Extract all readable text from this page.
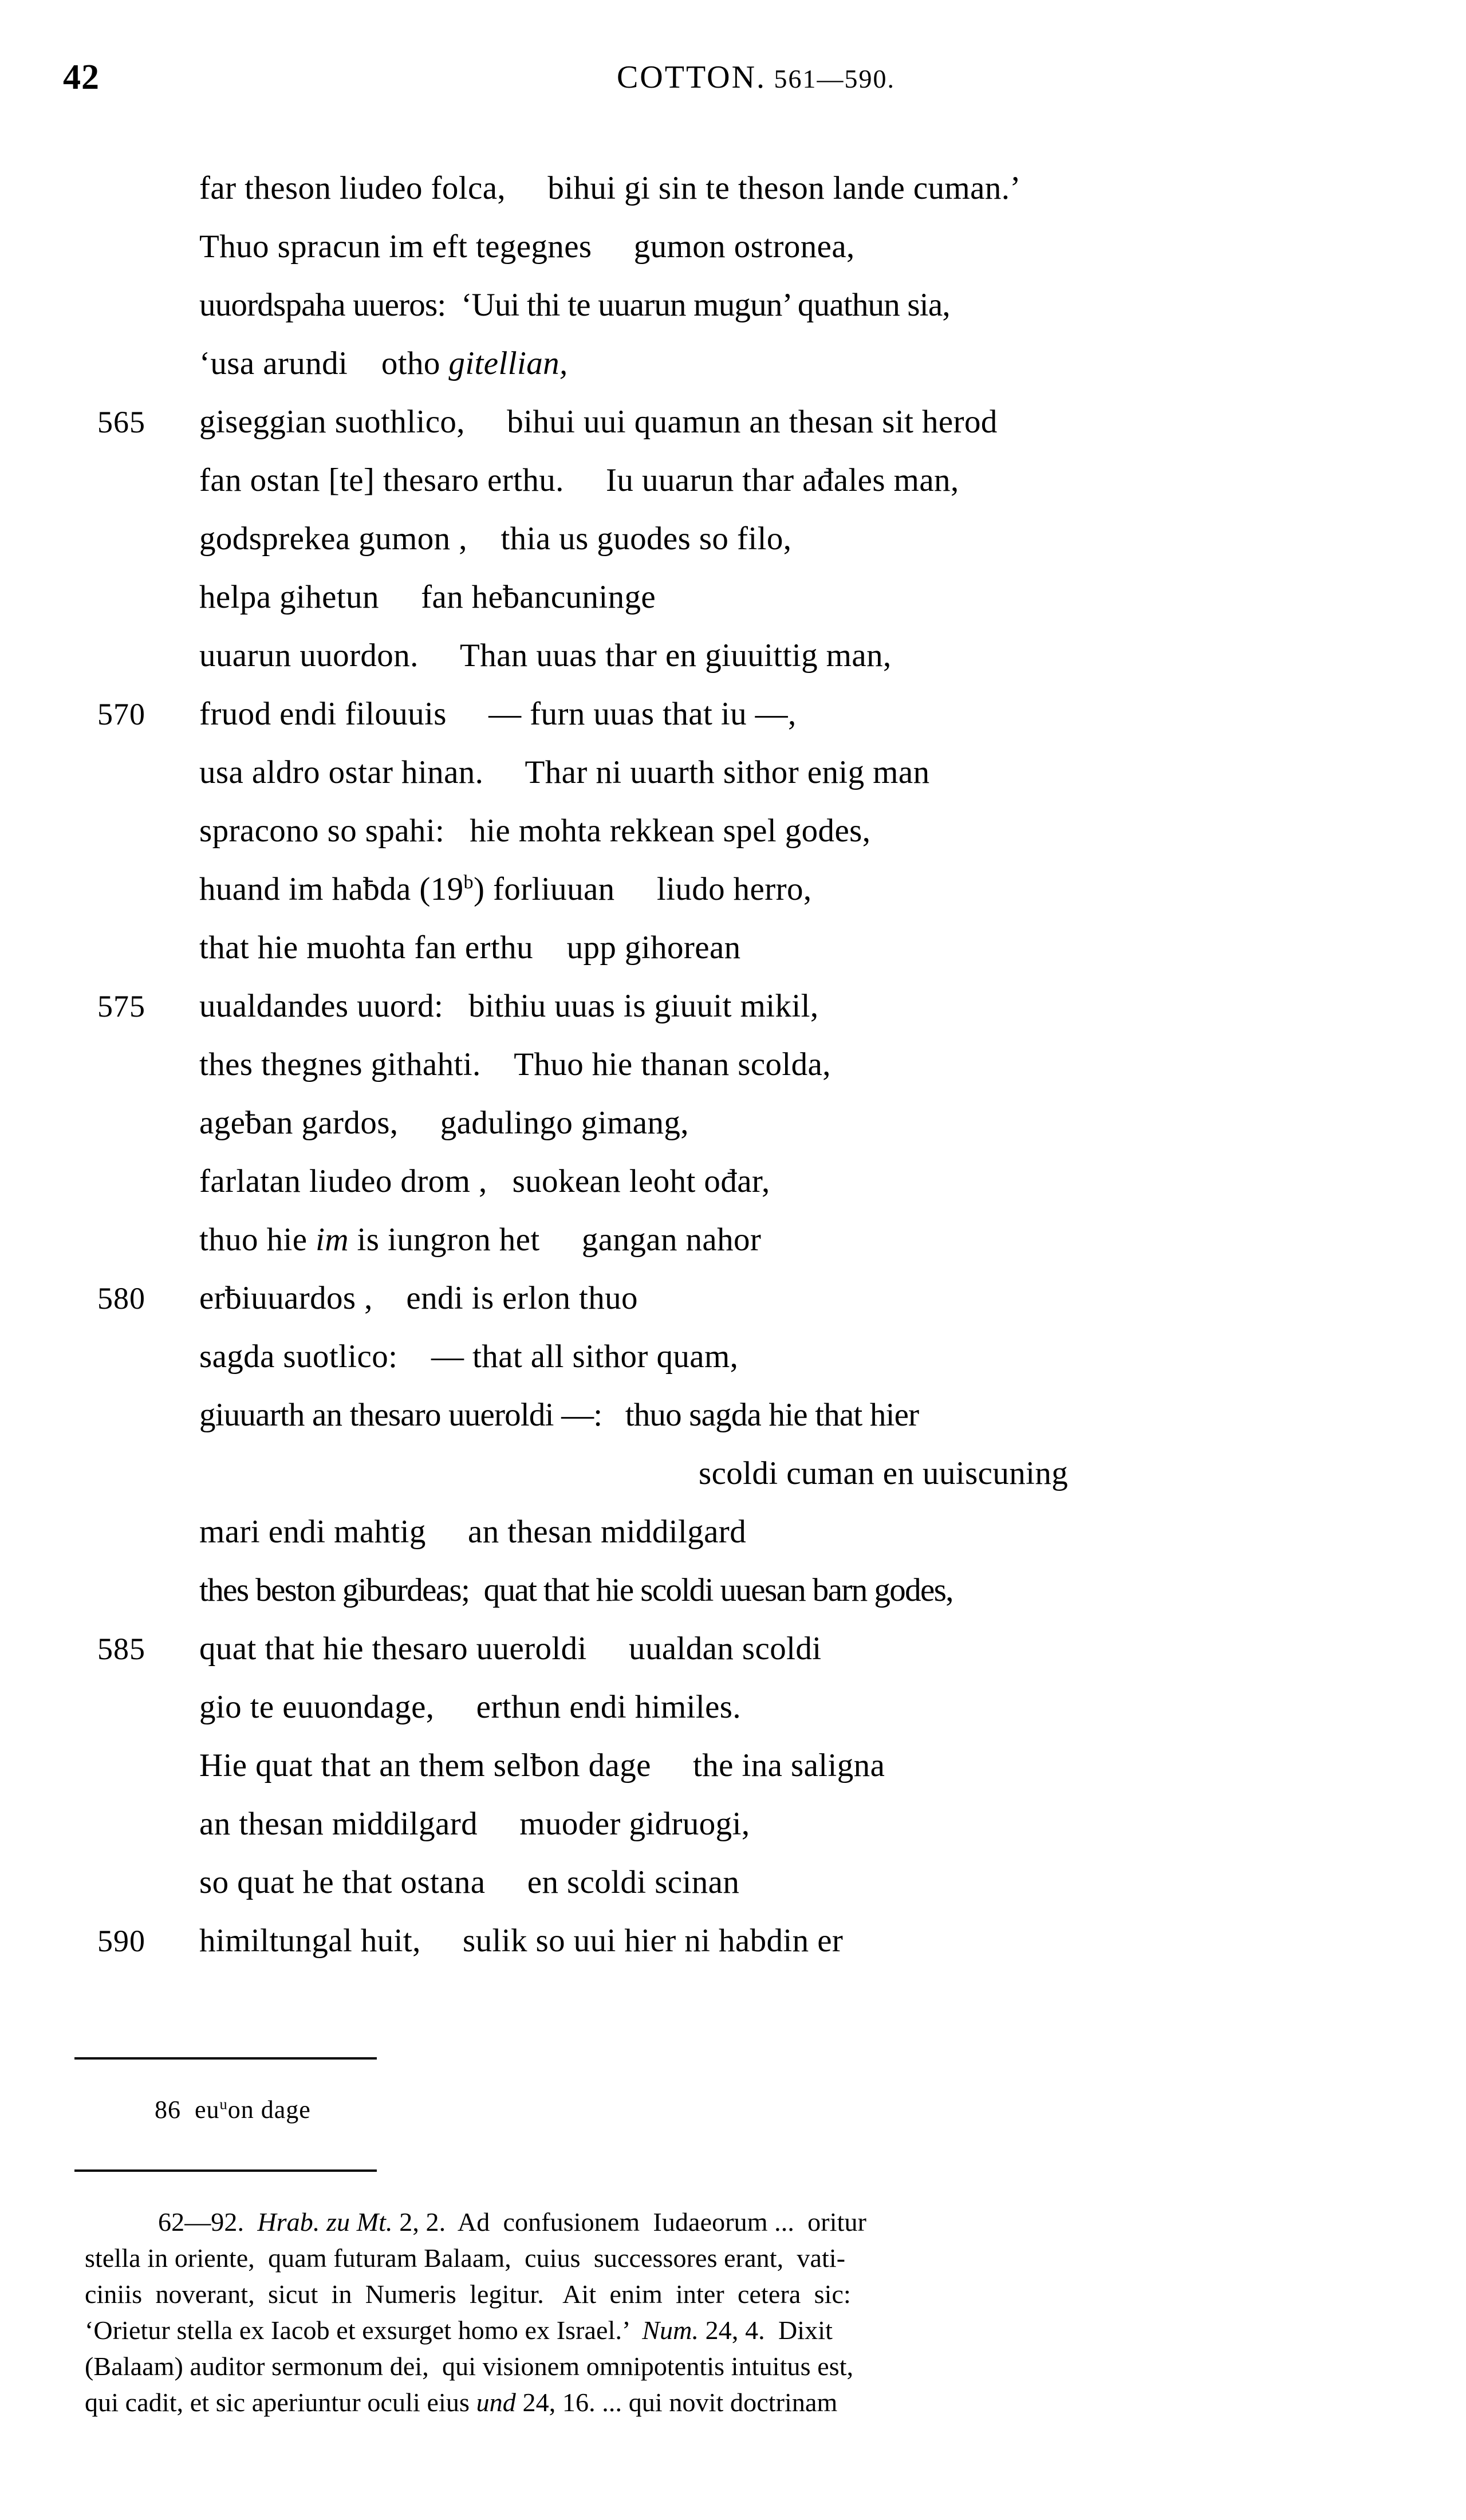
42	COTTON. 561—590.
far theson liudeo folca,     bihui gi sin te theson lande cuman.’
Thuo spracun im eft tegegnes     gumon ostronea,
uuordspaha uueros:  ‘Uui thi te uuarun mugun’ quathun sia,
‘usa arundi    otho gitellian,
565	giseggian suothlico,     bihui uui quamun an thesan sit herod
fan ostan [te] thesaro erthu.     Iu uuarun thar ađales man,
godsprekea gumon ,    thia us guodes so filo,
helpa gihetun     fan heƀancuninge
uuarun uuordon.     Than uuas thar en giuuittig man,
570	fruod endi filouuis     — furn uuas that iu —,
usa aldro ostar hinan.     Thar ni uuarth sithor enig man
spracono so spahi:   hie mohta rekkean spel godes,
huand im haƀda (19$^b$) forliuuan     liudo herro,
that hie muohta fan erthu    upp gihorean
575	uualdandes uuord:   bithiu uuas is giuuit mikil,
thes thegnes githahti.    Thuo hie thanan scolda,
ageƀan gardos,     gadulingo gimang,
farlatan liudeo drom ,   suokean leoht ođar,
thuo hie im is iungron het     gangan nahor
580	erƀiuuardos ,    endi is erlon thuo
sagda suotlico:    — that all sithor quam,
giuuarth an thesaro uueroldi —:   thuo sagda hie that hier
scoldi cuman en uuiscuning
mari endi mahtig     an thesan middilgard
thes beston giburdeas;  quat that hie scoldi uuesan barn godes,
585	quat that hie thesaro uueroldi     uualdan scoldi
gio te euuondage,     erthun endi himiles.
Hie quat that an them selƀon dage     the ina saligna
an thesan middilgard     muoder gidruogi,
so quat he that ostana     en scoldi scinan
590	himiltungal huit,     sulik so uui hier ni habdin er
86 $eu^uon$ dage
62—92.  Hrab. zu Mt. 2, 2.  Ad  confusionem  Iudaeorum ...  oritur
stella in oriente,  quam futuram Balaam,  cuius  successores erant,  vati-
ciniis  noverant,  sicut  in  Numeris  legitur.   Ait  enim  inter  cetera  sic:
‘Orietur stella ex Iacob et exsurget homo ex Israel.’  Num. 24, 4.  Dixit
(Balaam) auditor sermonum dei,  qui visionem omnipotentis intuitus est,
qui cadit, et sic aperiuntur oculi eius und 24, 16. ... qui novit doctrinam
